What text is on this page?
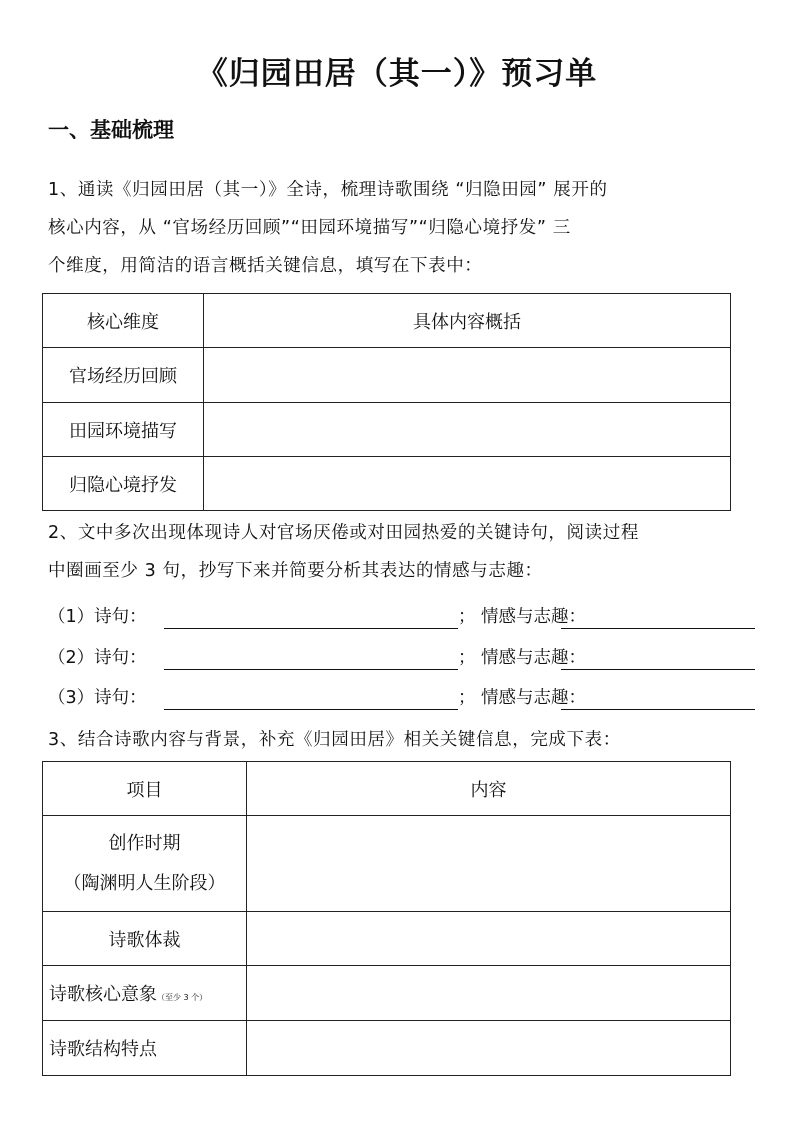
《归园田居（其一）》预习单
一、基础梳理
1、通读《归园田居（其一）》全诗，梳理诗歌围绕 “归隐田园” 展开的
核心内容，从 “官场经历回顾”“田园环境描写”“归隐心境抒发” 三
个维度，用简洁的语言概括关键信息，填写在下表中：
核心维度	具体内容概括
官场经历回顾	
田园环境描写	
归隐心境抒发	
2、文中多次出现体现诗人对官场厌倦或对田园热爱的关键诗句，阅读过程
中圈画至少 3 句，抄写下来并简要分析其表达的情感与志趣：
（1）诗句：	； 情感与志趣：
（2）诗句：	； 情感与志趣：
（3）诗句：	； 情感与志趣：
3、结合诗歌内容与背景，补充《归园田居》相关关键信息，完成下表：
项目	内容

创作时期
（陶渊明人生阶段）	

诗歌体裁	
诗歌核心意象（至少 3 个）	
诗歌结构特点	
